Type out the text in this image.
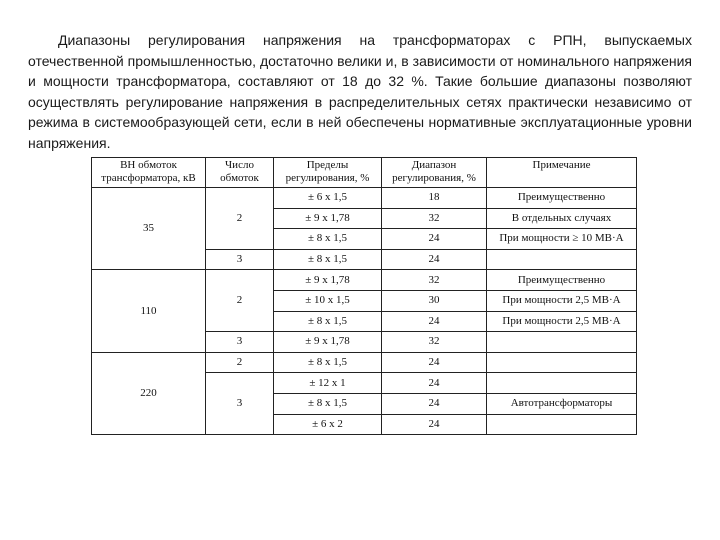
Диапазоны регулирования напряжения на трансформаторах с РПН, выпускаемых отечественной промышленностью, достаточно велики и, в зависимости от номинального напряжения и мощности трансформатора, составляют от 18 до 32 %. Такие большие диапазоны позволяют осуществлять регулирование напряжения в распределительных сетях практически независимо от режима в системообразующей сети, если в ней обеспечены нормативные эксплуатационные уровни напряжения.

ВН обмоток трансформатора, кВ	Число обмоток	Пределы регулирования, %	Диапазон регулирования, %	Примечание
35	2	± 6 х 1,5	18	Преимущественно
		± 9 х 1,78	32	В отдельных случаях
		± 8 х 1,5	24	При мощности ≥ 10 МВ·А
	3	± 8 х 1,5	24	
110	2	± 9 х 1,78	32	Преимущественно
		± 10 х 1,5	30	При мощности 2,5 МВ·А
		± 8 х 1,5	24	При мощности 2,5 МВ·А
	3	± 9 х 1,78	32	
220	2	± 8 х 1,5	24	
	3	± 12 х 1	24	
		± 8 х 1,5	24	Автотрансформаторы
		± 6 х 2	24	
